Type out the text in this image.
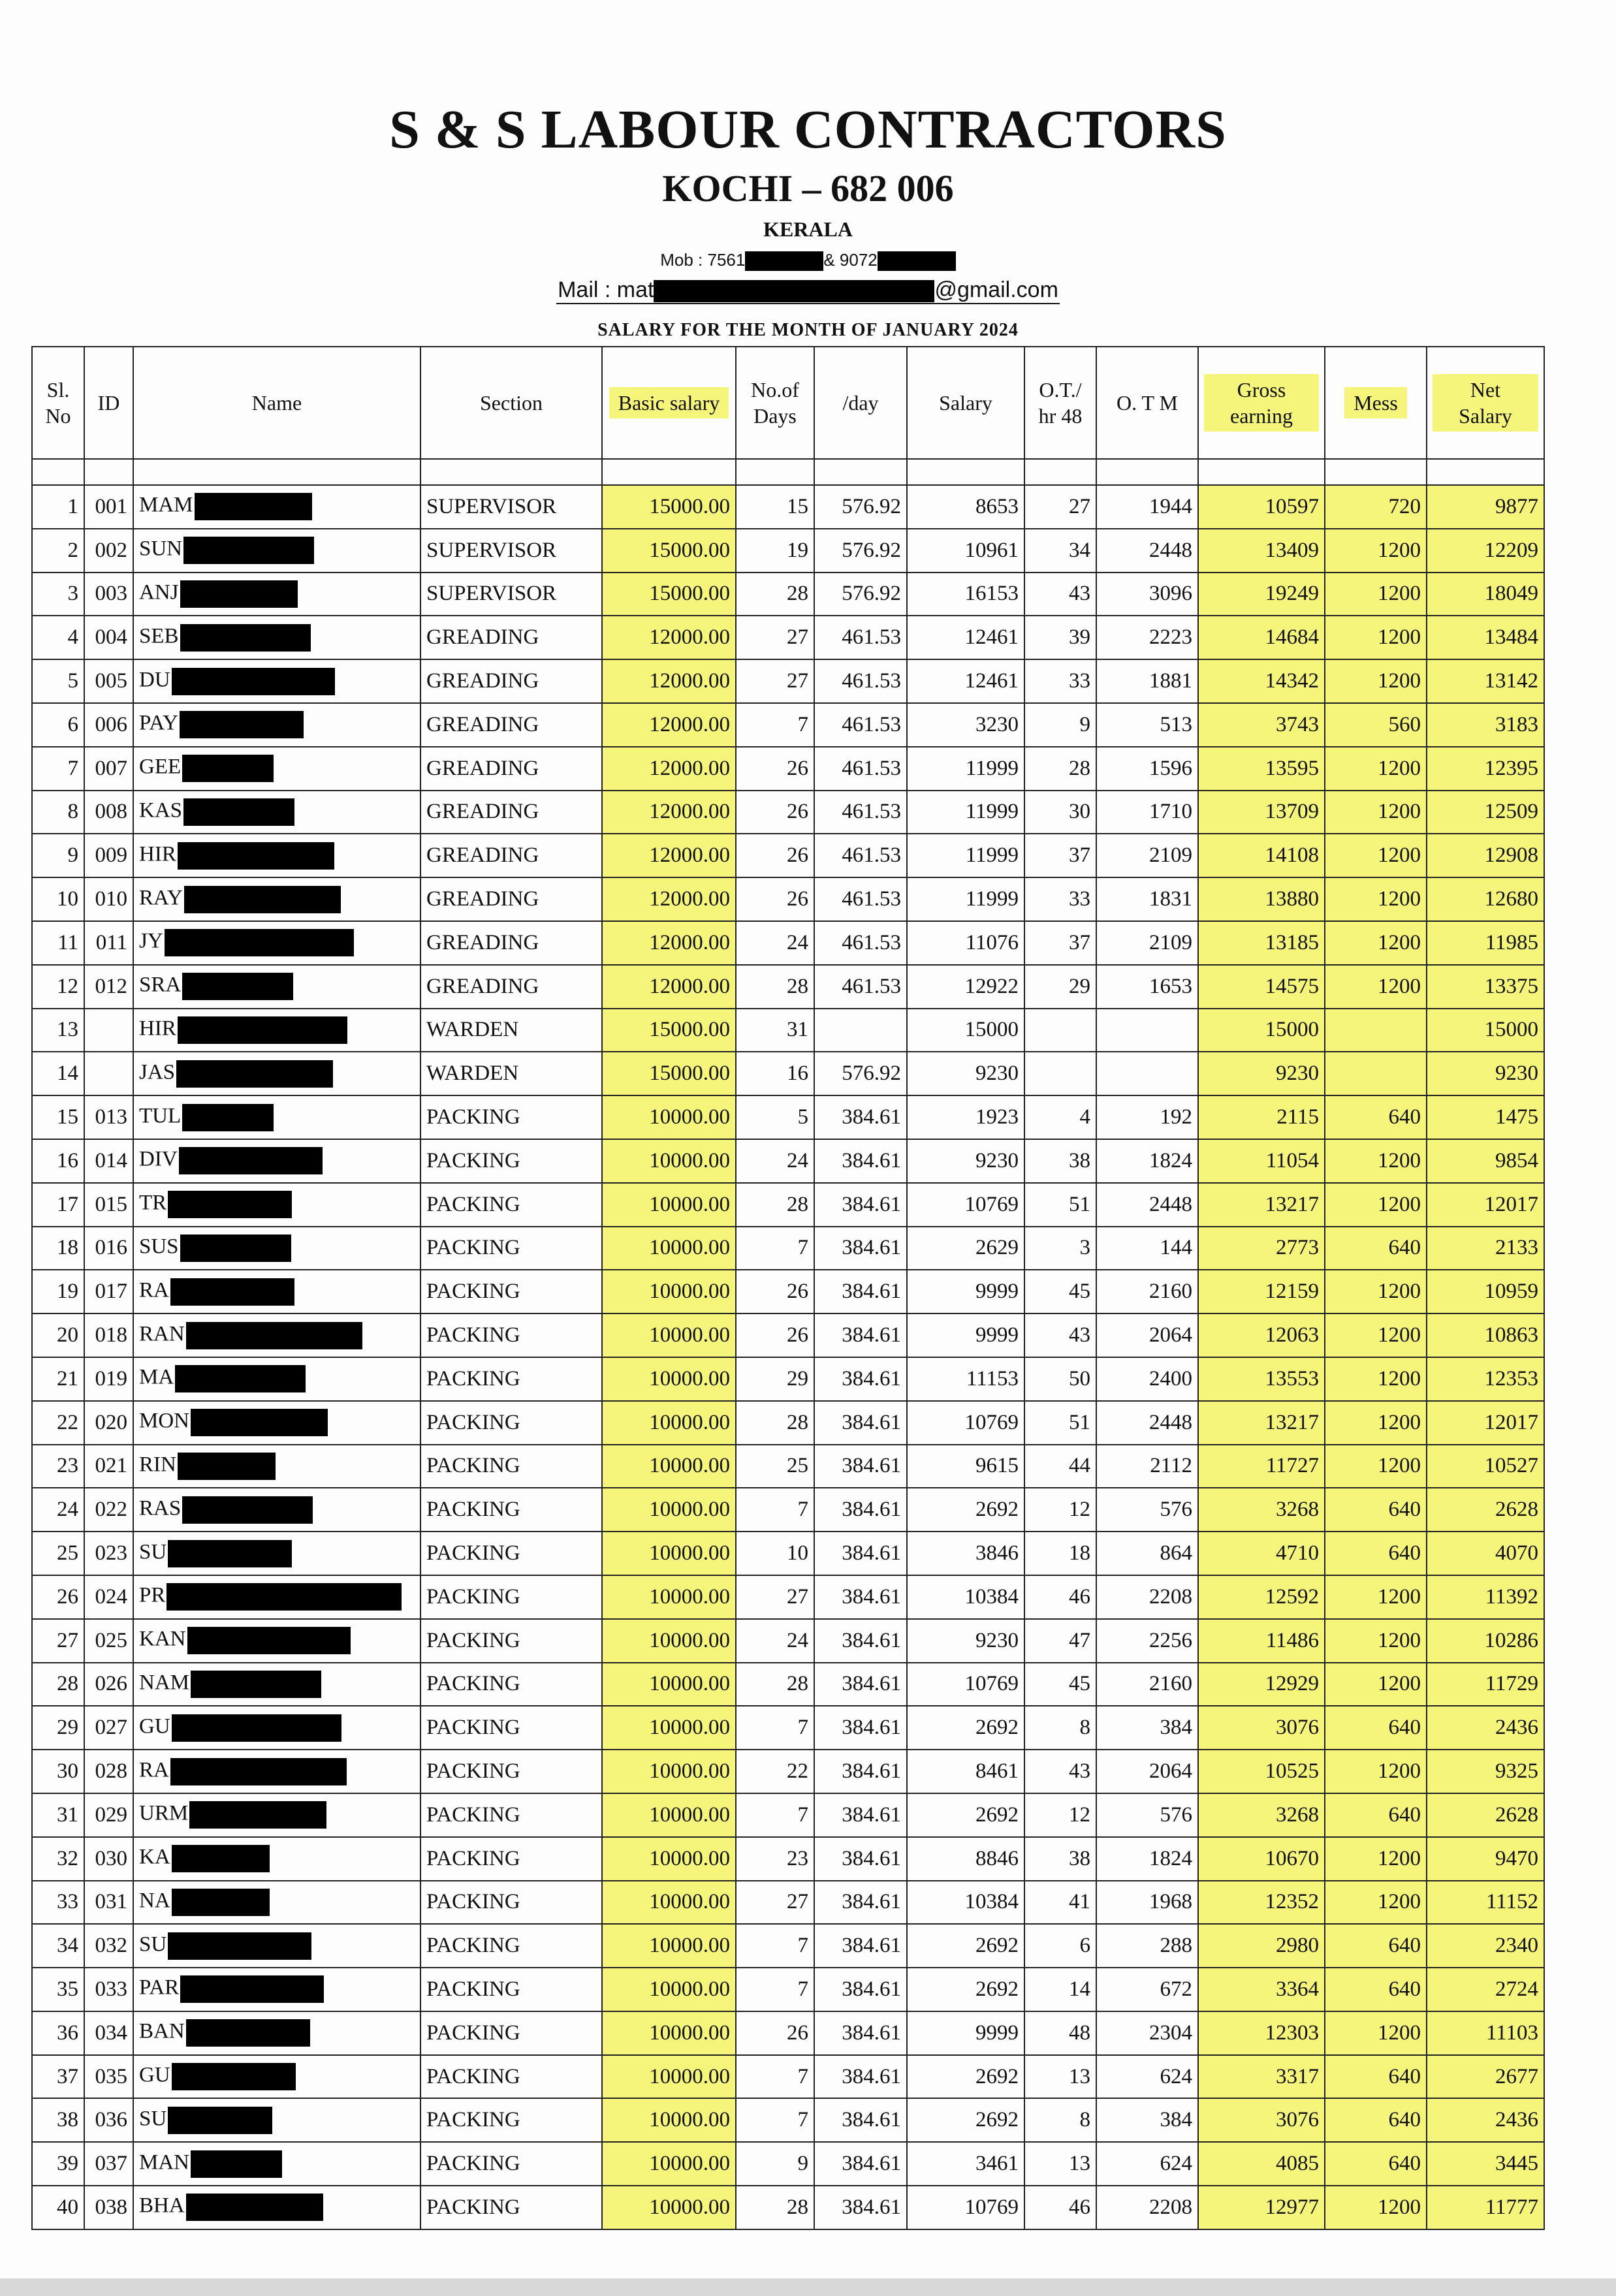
S & S LABOUR CONTRACTORS
KOCHI – 682 006
KERALA
Mob : 7561	& 9072
Mail : mat	@gmail.com
SALARY FOR THE MONTH OF JANUARY 2024
Sl. No	ID	Name	Section	Basic salary	No.of Days	/day	Salary	O.T./ hr 48	O. T M	Gross earning	Mess	Net Salary

1	001	MAM	SUPERVISOR	15000.00	15	576.92	8653	27	1944	10597	720	9877
2	002	SUN	SUPERVISOR	15000.00	19	576.92	10961	34	2448	13409	1200	12209
3	003	ANJ	SUPERVISOR	15000.00	28	576.92	16153	43	3096	19249	1200	18049
4	004	SEB	GREADING	12000.00	27	461.53	12461	39	2223	14684	1200	13484
5	005	DU	GREADING	12000.00	27	461.53	12461	33	1881	14342	1200	13142
6	006	PAY	GREADING	12000.00	7	461.53	3230	9	513	3743	560	3183
7	007	GEE	GREADING	12000.00	26	461.53	11999	28	1596	13595	1200	12395
8	008	KAS	GREADING	12000.00	26	461.53	11999	30	1710	13709	1200	12509
9	009	HIR	GREADING	12000.00	26	461.53	11999	37	2109	14108	1200	12908
10	010	RAY	GREADING	12000.00	26	461.53	11999	33	1831	13880	1200	12680
11	011	JY	GREADING	12000.00	24	461.53	11076	37	2109	13185	1200	11985
12	012	SRA	GREADING	12000.00	28	461.53	12922	29	1653	14575	1200	13375
13		HIR	WARDEN	15000.00	31		15000			15000		15000
14		JAS	WARDEN	15000.00	16	576.92	9230			9230		9230
15	013	TUL	PACKING	10000.00	5	384.61	1923	4	192	2115	640	1475
16	014	DIV	PACKING	10000.00	24	384.61	9230	38	1824	11054	1200	9854
17	015	TR	PACKING	10000.00	28	384.61	10769	51	2448	13217	1200	12017
18	016	SUS	PACKING	10000.00	7	384.61	2629	3	144	2773	640	2133
19	017	RA	PACKING	10000.00	26	384.61	9999	45	2160	12159	1200	10959
20	018	RAN	PACKING	10000.00	26	384.61	9999	43	2064	12063	1200	10863
21	019	MA	PACKING	10000.00	29	384.61	11153	50	2400	13553	1200	12353
22	020	MON	PACKING	10000.00	28	384.61	10769	51	2448	13217	1200	12017
23	021	RIN	PACKING	10000.00	25	384.61	9615	44	2112	11727	1200	10527
24	022	RAS	PACKING	10000.00	7	384.61	2692	12	576	3268	640	2628
25	023	SU	PACKING	10000.00	10	384.61	3846	18	864	4710	640	4070
26	024	PR	PACKING	10000.00	27	384.61	10384	46	2208	12592	1200	11392
27	025	KAN	PACKING	10000.00	24	384.61	9230	47	2256	11486	1200	10286
28	026	NAM	PACKING	10000.00	28	384.61	10769	45	2160	12929	1200	11729
29	027	GU	PACKING	10000.00	7	384.61	2692	8	384	3076	640	2436
30	028	RA	PACKING	10000.00	22	384.61	8461	43	2064	10525	1200	9325
31	029	URM	PACKING	10000.00	7	384.61	2692	12	576	3268	640	2628
32	030	KA	PACKING	10000.00	23	384.61	8846	38	1824	10670	1200	9470
33	031	NA	PACKING	10000.00	27	384.61	10384	41	1968	12352	1200	11152
34	032	SU	PACKING	10000.00	7	384.61	2692	6	288	2980	640	2340
35	033	PAR	PACKING	10000.00	7	384.61	2692	14	672	3364	640	2724
36	034	BAN	PACKING	10000.00	26	384.61	9999	48	2304	12303	1200	11103
37	035	GU	PACKING	10000.00	7	384.61	2692	13	624	3317	640	2677
38	036	SU	PACKING	10000.00	7	384.61	2692	8	384	3076	640	2436
39	037	MAN	PACKING	10000.00	9	384.61	3461	13	624	4085	640	3445
40	038	BHA	PACKING	10000.00	28	384.61	10769	46	2208	12977	1200	11777
